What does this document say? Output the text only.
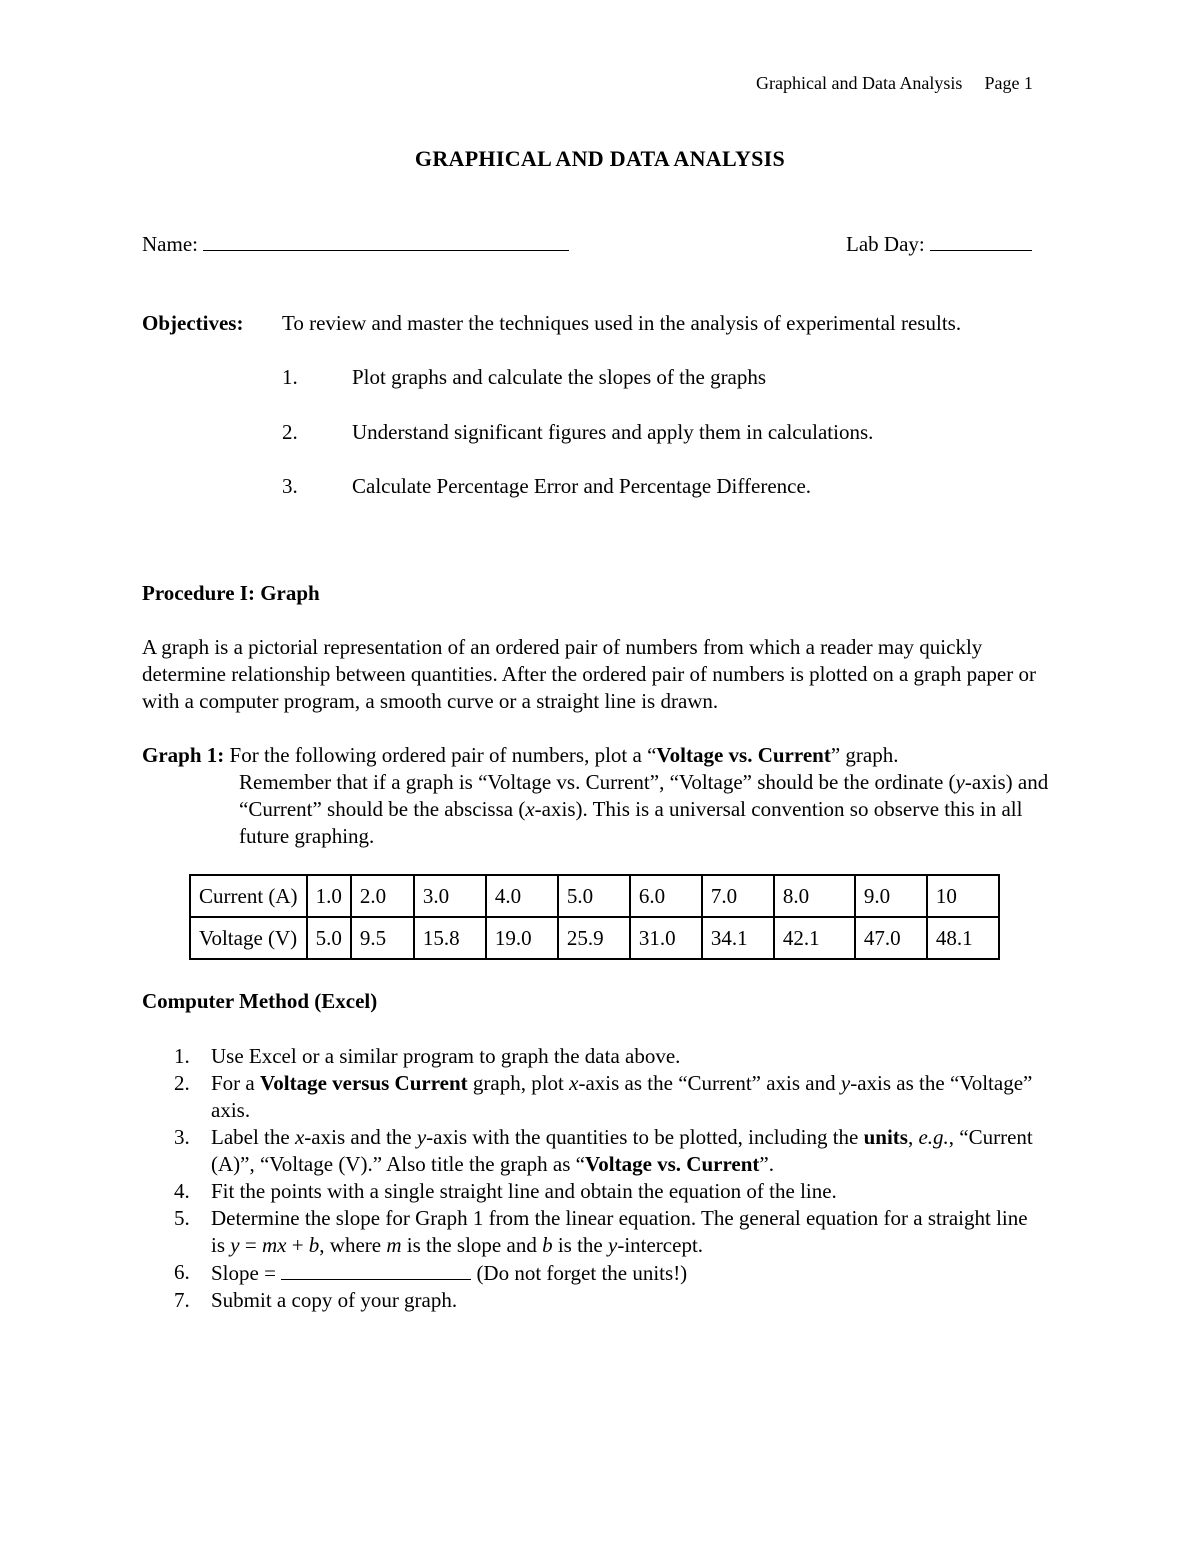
Graphical and Data Analysis Page 1
GRAPHICAL AND DATA ANALYSIS
Name:	Lab Day:
Objectives: To review and master the techniques used in the analysis of experimental results.
1.	Plot graphs and calculate the slopes of the graphs
2.	Understand significant figures and apply them in calculations.
3.	Calculate Percentage Error and Percentage Difference.
Procedure I: Graph
A graph is a pictorial representation of an ordered pair of numbers from which a reader may quickly determine relationship between quantities. After the ordered pair of numbers is plotted on a graph paper or with a computer program, a smooth curve or a straight line is drawn.
Graph 1: For the following ordered pair of numbers, plot a “Voltage vs. Current” graph.
Remember that if a graph is “Voltage vs. Current”, “Voltage” should be the ordinate (y-axis) and “Current” should be the abscissa (x-axis). This is a universal convention so observe this in all future graphing.
Current (A)	1.0	2.0	3.0	4.0	5.0	6.0	7.0	8.0	9.0	10
Voltage (V)	5.0	9.5	15.8	19.0	25.9	31.0	34.1	42.1	47.0	48.1
Computer Method (Excel)
1. Use Excel or a similar program to graph the data above.
2. For a Voltage versus Current graph, plot x-axis as the “Current” axis and y-axis as the “Voltage” axis.
3. Label the x-axis and the y-axis with the quantities to be plotted, including the units, e.g., “Current (A)”, “Voltage (V).” Also title the graph as “Voltage vs. Current”.
4. Fit the points with a single straight line and obtain the equation of the line.
5. Determine the slope for Graph 1 from the linear equation. The general equation for a straight line is y = mx + b, where m is the slope and b is the y-intercept.
6. Slope =	(Do not forget the units!)
7. Submit a copy of your graph.
